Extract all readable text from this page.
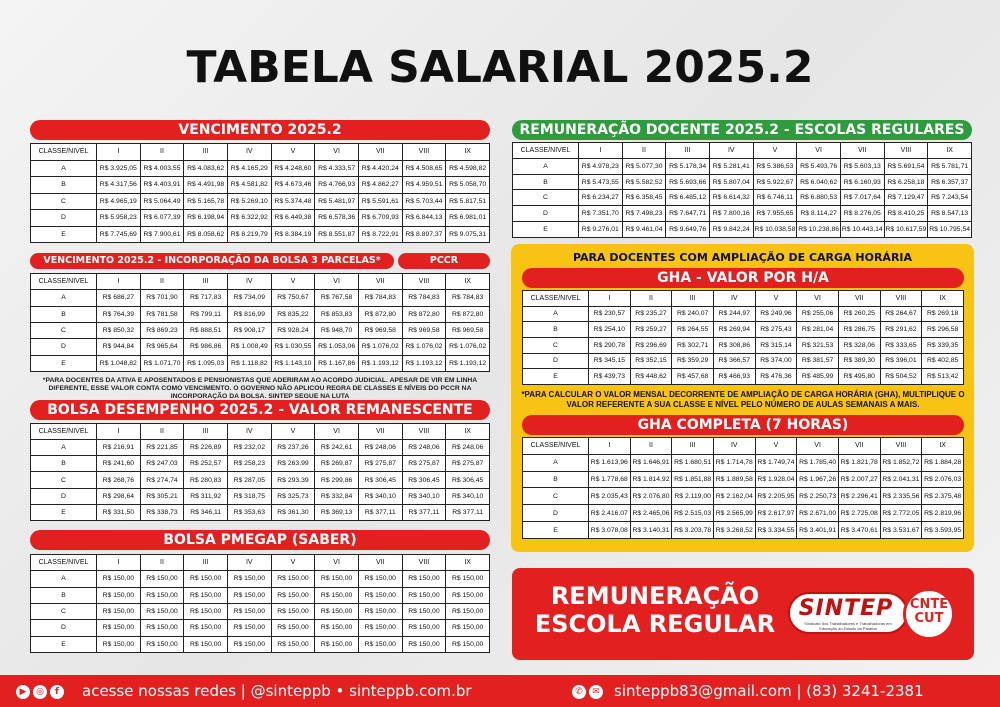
TABELA SALARIAL 2025.2
VENCIMENTO 2025.2
CLASSE/NIVEL	I	II	III	IV	V	VI	VII	VIII	IX
A	R$ 3.925,05	R$ 4.003,55	R$ 4.083,62	R$ 4.165,29	R$ 4.248,60	R$ 4.333,57	R$ 4.420,24	R$ 4.508,65	R$ 4.598,82
B	R$ 4.317,56	R$ 4.403,91	R$ 4.491,98	R$ 4.581,82	R$ 4.673,46	R$ 4.766,93	R$ 4.862,27	R$ 4.959,51	R$ 5.058,70
C	R$ 4.965,19	R$ 5.064,49	R$ 5.165,78	R$ 5.269,10	R$ 5.374,48	R$ 5.481,97	R$ 5.591,61	R$ 5.703,44	R$ 5.817,51
D	R$ 5.958,23	R$ 6.077,39	R$ 6.198,94	R$ 6.322,92	R$ 6.449,38	R$ 6.578,36	R$ 6.709,93	R$ 6.844,13	R$ 6.981,01
E	R$ 7.745,69	R$ 7.900,61	R$ 8.058,62	R$ 8.219,79	R$ 8.384,19	R$ 8.551,87	R$ 8.722,91	R$ 8.897,37	R$ 9.075,31
VENCIMENTO 2025.2 - INCORPORAÇÃO DA BOLSA 3 PARCELAS*	PCCR
CLASSE/NIVEL	I	II	III	IV	V	VI	VII	VIII	IX
A	R$ 686,27	R$ 701,90	R$ 717,83	R$ 734,09	R$ 750,67	R$ 767,58	R$ 784,83	R$ 784,83	R$ 784,83
B	R$ 764,39	R$ 781,58	R$ 799,11	R$ 816,99	R$ 835,22	R$ 853,83	R$ 872,80	R$ 872,80	R$ 872,80
C	R$ 850,32	R$ 869,23	R$ 888,51	R$ 908,17	R$ 928,24	R$ 948,70	R$ 969,58	R$ 969,58	R$ 969,58
D	R$ 944,84	R$ 965,64	R$ 986,86	R$ 1.008,49	R$ 1.030,55	R$ 1.053,06	R$ 1.076,02	R$ 1.076,02	R$ 1.076,02
E	R$ 1.048,82	R$ 1.071,70	R$ 1.095,03	R$ 1.118,82	R$ 1.143,10	R$ 1.167,86	R$ 1.193,12	R$ 1.193,12	R$ 1.193,12
*PARA DOCENTES DA ATIVA E APOSENTADOS E PENSIONISTAS QUE ADERIRAM AO ACORDO JUDICIAL. APESAR DE VIR EM LINHA DIFERENTE, ESSE VALOR CONTA COMO VENCIMENTO. O GOVERNO NÃO APLICOU REGRA DE CLASSES E NÍVEIS DO PCCR NA INCORPORAÇÃO DA BOLSA. SINTEP SEGUE NA LUTA
BOLSA DESEMPENHO 2025.2 - VALOR REMANESCENTE
CLASSE/NIVEL	I	II	III	IV	V	VI	VII	VIII	IX
A	R$ 216,91	R$ 221,85	R$ 226,89	R$ 232,02	R$ 237,26	R$ 242,61	R$ 248,06	R$ 248,06	R$ 248,06
B	R$ 241,60	R$ 247,03	R$ 252,57	R$ 258,23	R$ 263,99	R$ 269,87	R$ 275,87	R$ 275,87	R$ 275,87
C	R$ 268,76	R$ 274,74	R$ 280,83	R$ 287,05	R$ 293,39	R$ 299,86	R$ 306,45	R$ 306,45	R$ 306,45
D	R$ 298,64	R$ 305,21	R$ 311,92	R$ 318,75	R$ 325,73	R$ 332,84	R$ 340,10	R$ 340,10	R$ 340,10
E	R$ 331,50	R$ 338,73	R$ 346,11	R$ 353,63	R$ 361,30	R$ 369,13	R$ 377,11	R$ 377,11	R$ 377,11
BOLSA PMEGAP (SABER)
CLASSE/NIVEL	I	II	III	IV	V	VI	VII	VIII	IX
A	R$ 150,00	R$ 150,00	R$ 150,00	R$ 150,00	R$ 150,00	R$ 150,00	R$ 150,00	R$ 150,00	R$ 150,00
B	R$ 150,00	R$ 150,00	R$ 150,00	R$ 150,00	R$ 150,00	R$ 150,00	R$ 150,00	R$ 150,00	R$ 150,00
C	R$ 150,00	R$ 150,00	R$ 150,00	R$ 150,00	R$ 150,00	R$ 150,00	R$ 150,00	R$ 150,00	R$ 150,00
D	R$ 150,00	R$ 150,00	R$ 150,00	R$ 150,00	R$ 150,00	R$ 150,00	R$ 150,00	R$ 150,00	R$ 150,00
E	R$ 150,00	R$ 150,00	R$ 150,00	R$ 150,00	R$ 150,00	R$ 150,00	R$ 150,00	R$ 150,00	R$ 150,00
REMUNERAÇÃO DOCENTE 2025.2 - ESCOLAS REGULARES
CLASSE/NIVEL	I	II	III	IV	V	VI	VII	VIII	IX
A	R$ 4.978,23	R$ 5.077,30	R$ 5.178,34	R$ 5.281,41	R$ 5.386,53	R$ 5.493,76	R$ 5.603,13	R$ 5.691,54	R$ 5.781,71
B	R$ 5.473,55	R$ 5.582,52	R$ 5.693,66	R$ 5.807,04	R$ 5.922,67	R$ 6.040,62	R$ 6.160,93	R$ 6.258,18	R$ 6.357,37
C	R$ 6.234,27	R$ 6.358,45	R$ 6.485,12	R$ 6.614,32	R$ 6.746,11	R$ 6.880,53	R$ 7.017,64	R$ 7.129,47	R$ 7.243,54
D	R$ 7.351,70	R$ 7.498,23	R$ 7.647,71	R$ 7.800,16	R$ 7.955,65	R$ 8.114,27	R$ 8.276,05	R$ 8.410,25	R$ 8.547,13
E	R$ 9.276,01	R$ 9.461,04	R$ 9.649,76	R$ 9.842,24	R$ 10.038,58	R$ 10.238,86	R$ 10.443,14	R$ 10.617,59	R$ 10.795,54
PARA DOCENTES COM AMPLIAÇÃO DE CARGA HORÁRIA
GHA - VALOR POR H/A
CLASSE/NIVEL	I	II	III	IV	V	VI	VII	VIII	IX
A	R$ 230,57	R$ 235,27	R$ 240,07	R$ 244,97	R$ 249,96	R$ 255,06	R$ 260,25	R$ 264,67	R$ 269,18
B	R$ 254,10	R$ 259,27	R$ 264,55	R$ 269,94	R$ 275,43	R$ 281,04	R$ 286,75	R$ 291,62	R$ 296,58
C	R$ 290,78	R$ 296,69	R$ 302,71	R$ 308,86	R$ 315,14	R$ 321,53	R$ 328,06	R$ 333,65	R$ 339,35
D	R$ 345,15	R$ 352,15	R$ 359,29	R$ 366,57	R$ 374,00	R$ 381,57	R$ 389,30	R$ 396,01	R$ 402,85
E	R$ 439,73	R$ 448,62	R$ 457,68	R$ 466,93	R$ 476,36	R$ 485,99	R$ 495,80	R$ 504,52	R$ 513,42
*PARA CALCULAR O VALOR MENSAL DECORRENTE DE AMPLIAÇÃO DE CARGA HORÁRIA (GHA), MULTIPLIQUE O VALOR REFERENTE A SUA CLASSE E NÍVEL PELO NÚMERO DE AULAS SEMANAIS A MAIS.
GHA COMPLETA (7 HORAS)
CLASSE/NIVEL	I	II	III	IV	V	VI	VII	VIII	IX
A	R$ 1.613,96	R$ 1.646,91	R$ 1.680,51	R$ 1.714,78	R$ 1.749,74	R$ 1.785,40	R$ 1.821,78	R$ 1.852,72	R$ 1.884,28
B	R$ 1.778,68	R$ 1.814,92	R$ 1.851,88	R$ 1.889,58	R$ 1.928,04	R$ 1.967,26	R$ 2.007,27	R$ 2.041,31	R$ 2.076,03
C	R$ 2.035,43	R$ 2.076,80	R$ 2.119,00	R$ 2.162,04	R$ 2.205,95	R$ 2.250,73	R$ 2.296,41	R$ 2.335,56	R$ 2.375,48
D	R$ 2.416,07	R$ 2.465,06	R$ 2.515,03	R$ 2.565,99	R$ 2.617,97	R$ 2.671,00	R$ 2.725,08	R$ 2.772,05	R$ 2.819,96
E	R$ 3.078,08	R$ 3.140,31	R$ 3.203,78	R$ 3.268,52	R$ 3.334,55	R$ 3.401,91	R$ 3.470,61	R$ 3.531,67	R$ 3.593,95
REMUNERAÇÃO
ESCOLA REGULAR
SINTEP
Sindicato dos Trabalhadores e Trabalhadoras em Educação do Estado da Paraíba
CNTE
CUT
▶ ◎ f	acesse nossas redes | @sinteppb • sinteppb.com.br	✆ ✉ sinteppb83@gmail.com | (83) 3241-2381
